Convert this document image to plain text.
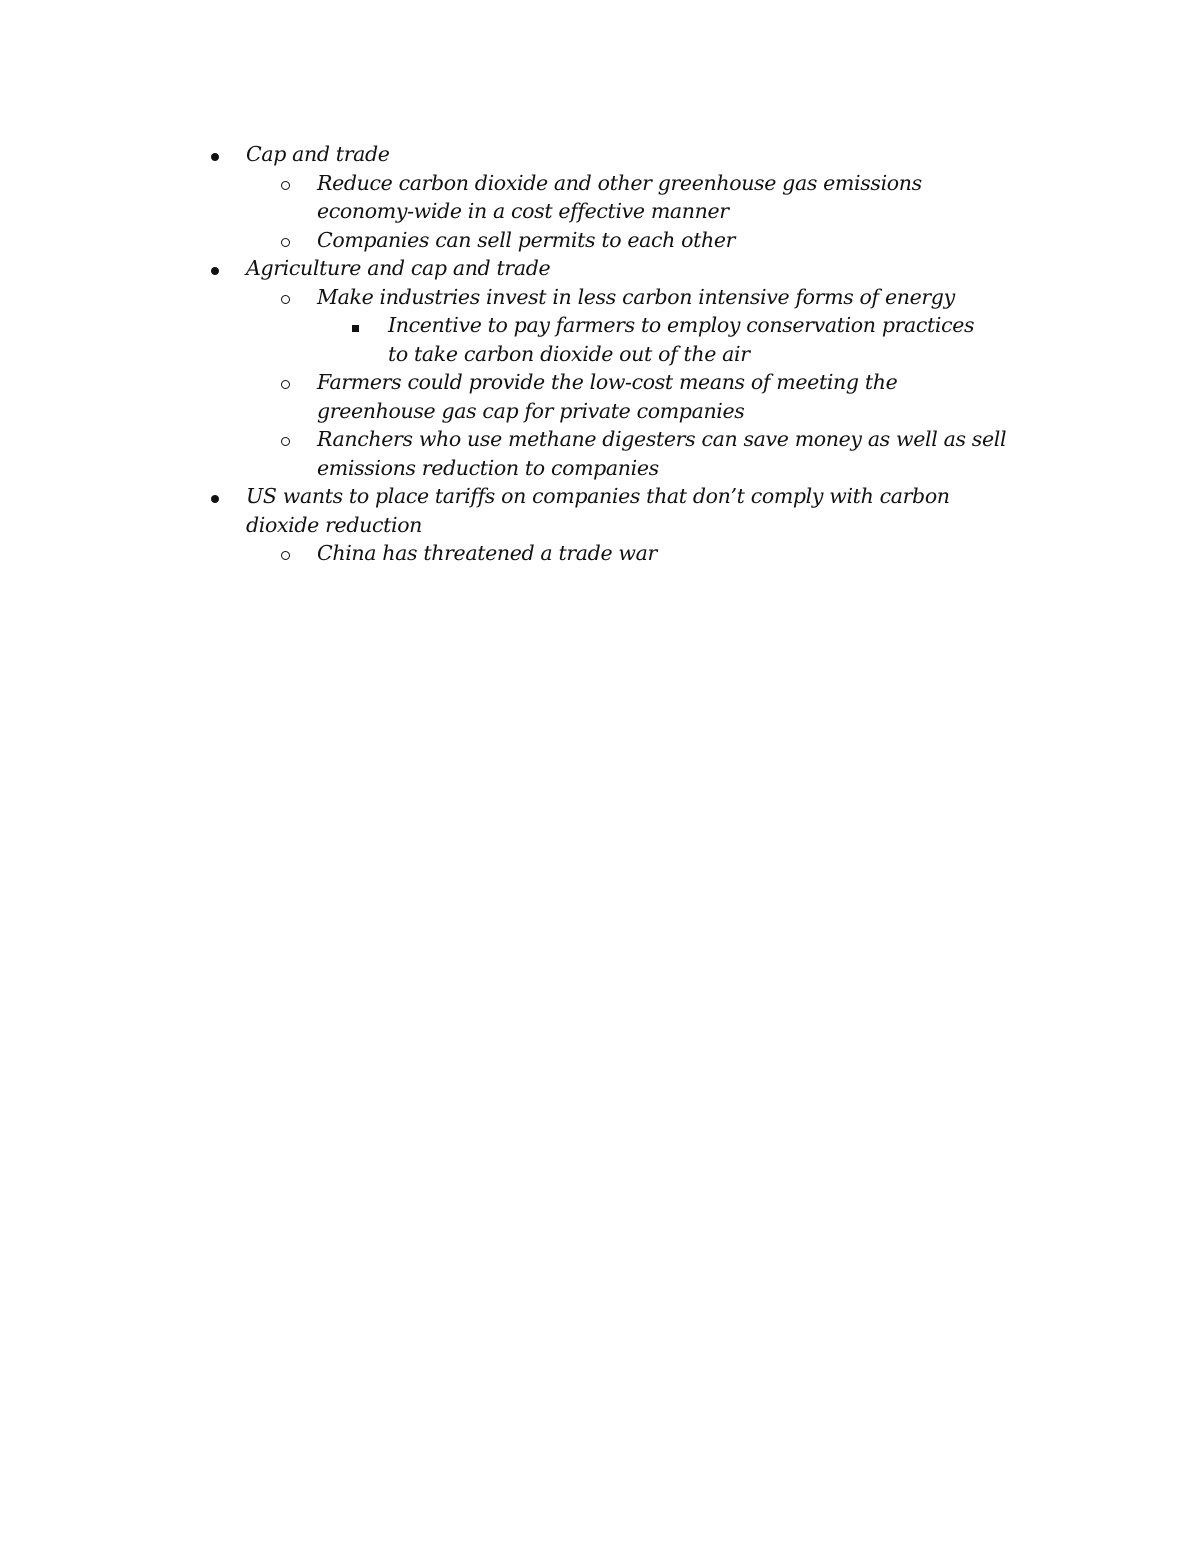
Cap and trade
Reduce carbon dioxide and other greenhouse gas emissions economy-wide in a cost effective manner
Companies can sell permits to each other
Agriculture and cap and trade
Make industries invest in less carbon intensive forms of energy
Incentive to pay farmers to employ conservation practices to take carbon dioxide out of the air
Farmers could provide the low-cost means of meeting the greenhouse gas cap for private companies
Ranchers who use methane digesters can save money as well as sell emissions reduction to companies
US wants to place tariffs on companies that don’t comply with carbon dioxide reduction
China has threatened a trade war
